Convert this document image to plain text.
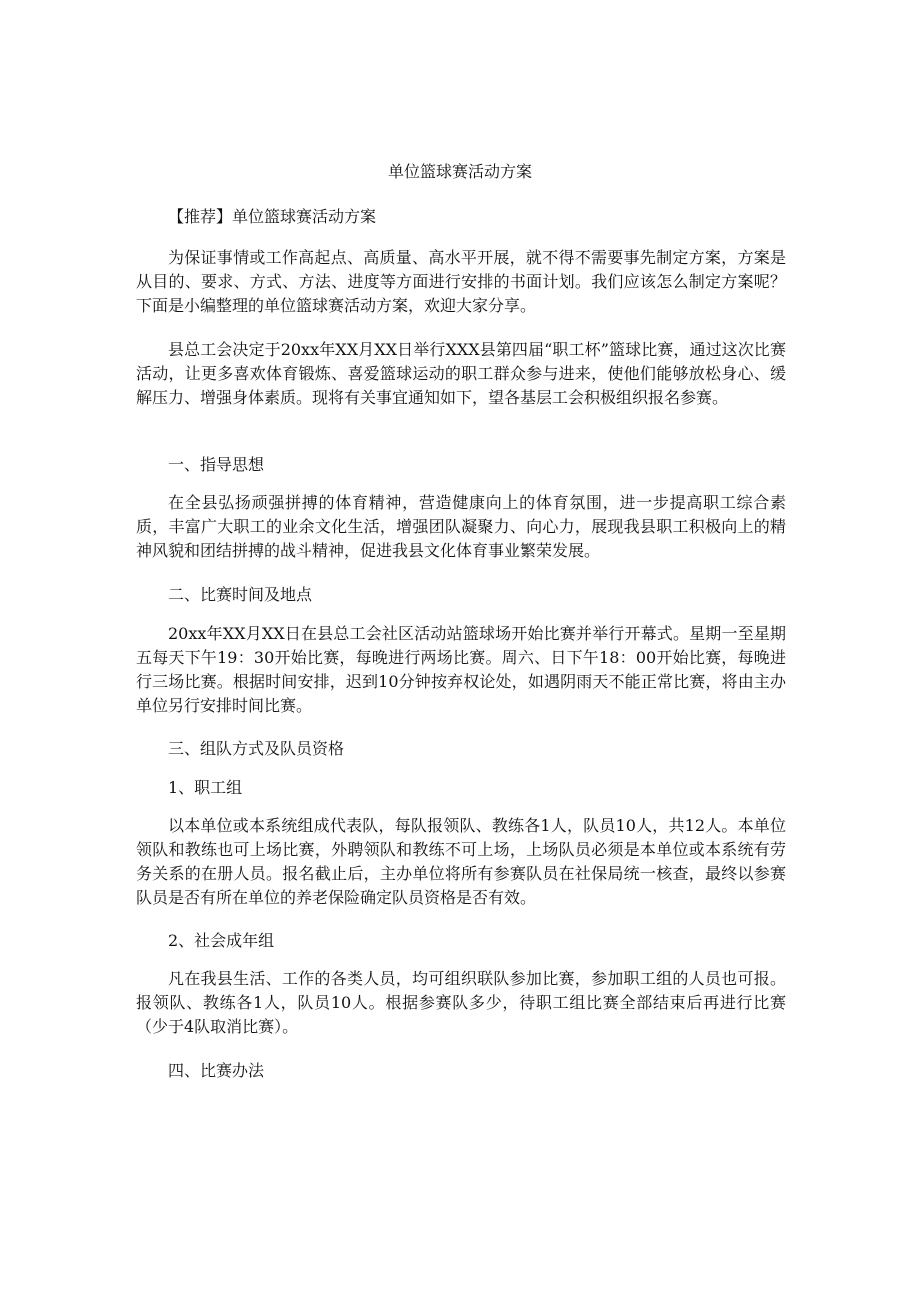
单位篮球赛活动方案

【推荐】单位篮球赛活动方案

为保证事情或工作高起点、高质量、高水平开展，就不得不需要事先制定方案，方案是从目的、要求、方式、方法、进度等方面进行安排的书面计划。我们应该怎么制定方案呢？下面是小编整理的单位篮球赛活动方案，欢迎大家分享。

县总工会决定于20xx年XX月XX日举行XXX县第四届“职工杯”篮球比赛，通过这次比赛活动，让更多喜欢体育锻炼、喜爱篮球运动的职工群众参与进来，使他们能够放松身心、缓解压力、增强身体素质。现将有关事宜通知如下，望各基层工会积极组织报名参赛。

一、指导思想

在全县弘扬顽强拼搏的体育精神，营造健康向上的体育氛围，进一步提高职工综合素质，丰富广大职工的业余文化生活，增强团队凝聚力、向心力，展现我县职工积极向上的精神风貌和团结拼搏的战斗精神，促进我县文化体育事业繁荣发展。

二、比赛时间及地点

20xx年XX月XX日在县总工会社区活动站篮球场开始比赛并举行开幕式。星期一至星期五每天下午19：30开始比赛，每晚进行两场比赛。周六、日下午18：00开始比赛，每晚进行三场比赛。根据时间安排，迟到10分钟按弃权论处，如遇阴雨天不能正常比赛，将由主办单位另行安排时间比赛。

三、组队方式及队员资格

1、职工组

以本单位或本系统组成代表队，每队报领队、教练各1人，队员10人，共12人。本单位领队和教练也可上场比赛，外聘领队和教练不可上场，上场队员必须是本单位或本系统有劳务关系的在册人员。报名截止后，主办单位将所有参赛队员在社保局统一核查，最终以参赛队员是否有所在单位的养老保险确定队员资格是否有效。

2、社会成年组

凡在我县生活、工作的各类人员，均可组织联队参加比赛，参加职工组的人员也可报。报领队、教练各1人，队员10人。根据参赛队多少，待职工组比赛全部结束后再进行比赛（少于4队取消比赛）。

四、比赛办法
